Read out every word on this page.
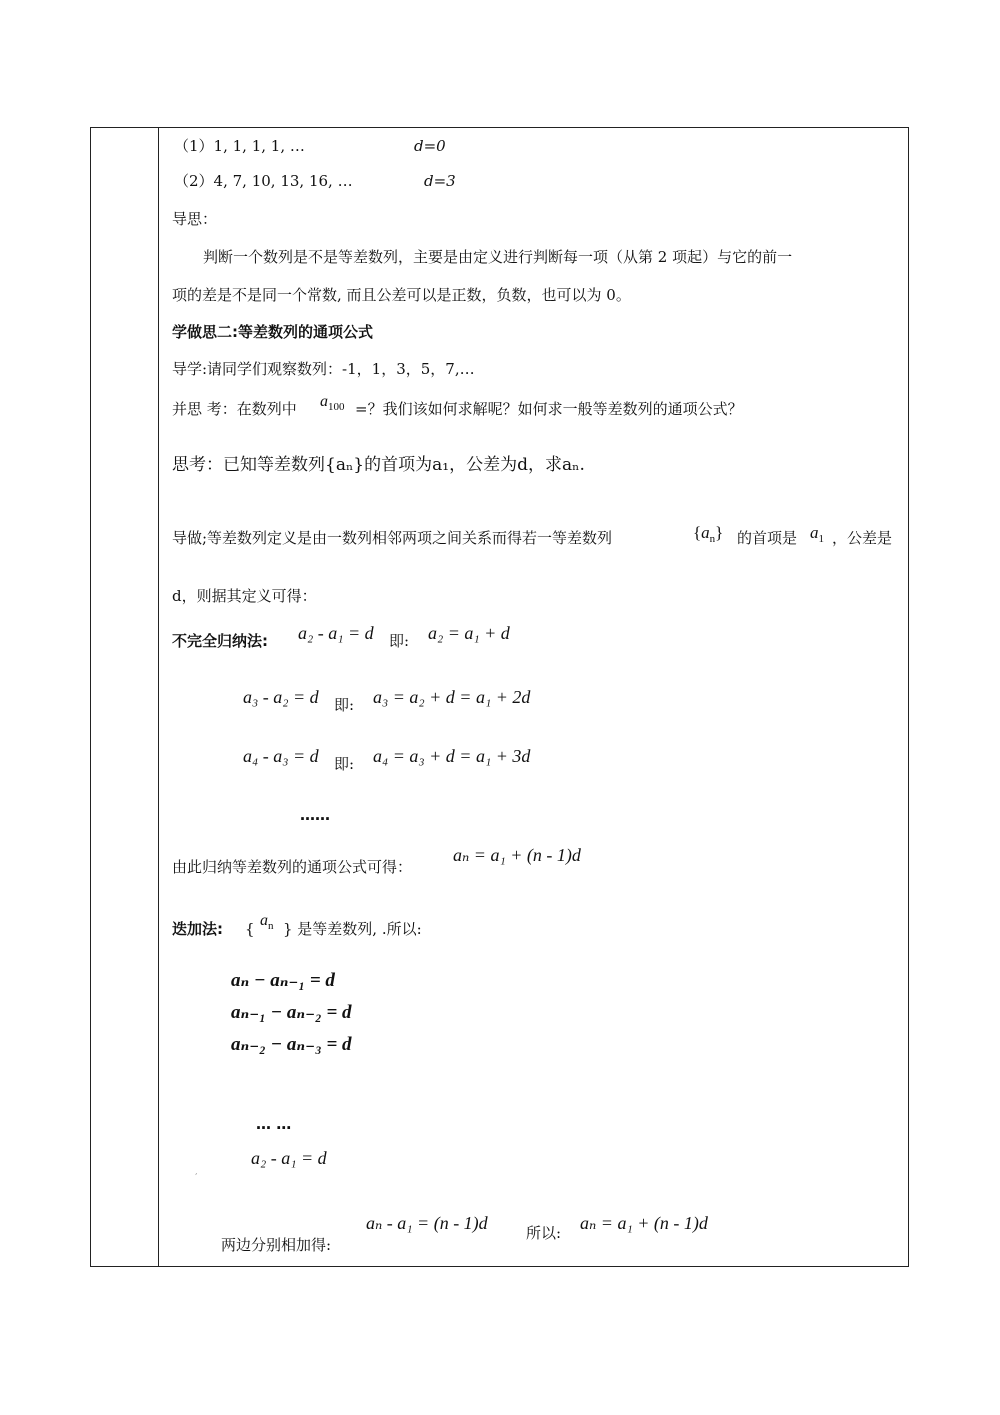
（1）1, 1, 1, 1, …	d=0
（2）4, 7, 10, 13, 16, …	d=3
导思：
判断一个数列是不是等差数列，主要是由定义进行判断每一项（从第 2 项起）与它的前一
项的差是不是同一个常数, 而且公差可以是正数，负数，也可以为 0。
学做思二:等差数列的通项公式
导学:请同学们观察数列：-1，1，3，5，7,…
并思 考：在数列中 $a_{100}$ =？我们该如何求解呢？如何求一般等差数列的通项公式？
思考：已知等差数列{aₙ}的首项为a₁，公差为d，求aₙ.
导做;等差数列定义是由一数列相邻两项之间关系而得若一等差数列	$\{a_n\}$ 的首项是 $a_1$ ，公差是
d，则据其定义可得：
不完全归纳法: a₂ - a₁ = d 即: a₂ = a₁ + d
a₃ - a₂ = d 即: a₃ = a₂ + d = a₁ + 2d
a₄ - a₃ = d 即: a₄ = a₃ + d = a₁ + 3d
……
由此归纳等差数列的通项公式可得：
aₙ = a₁ + (n - 1)d
迭加法: { $a_n$ } 是等差数列, .所以:
aₙ − aₙ₋₁ = d
aₙ₋₁ − aₙ₋₂ = d
aₙ₋₂ − aₙ₋₃ = d
… …
a₂ - a₁ = d
,
aₙ - a₁ = (n - 1)d	所以: aₙ = a₁ + (n - 1)d
两边分别相加得:
